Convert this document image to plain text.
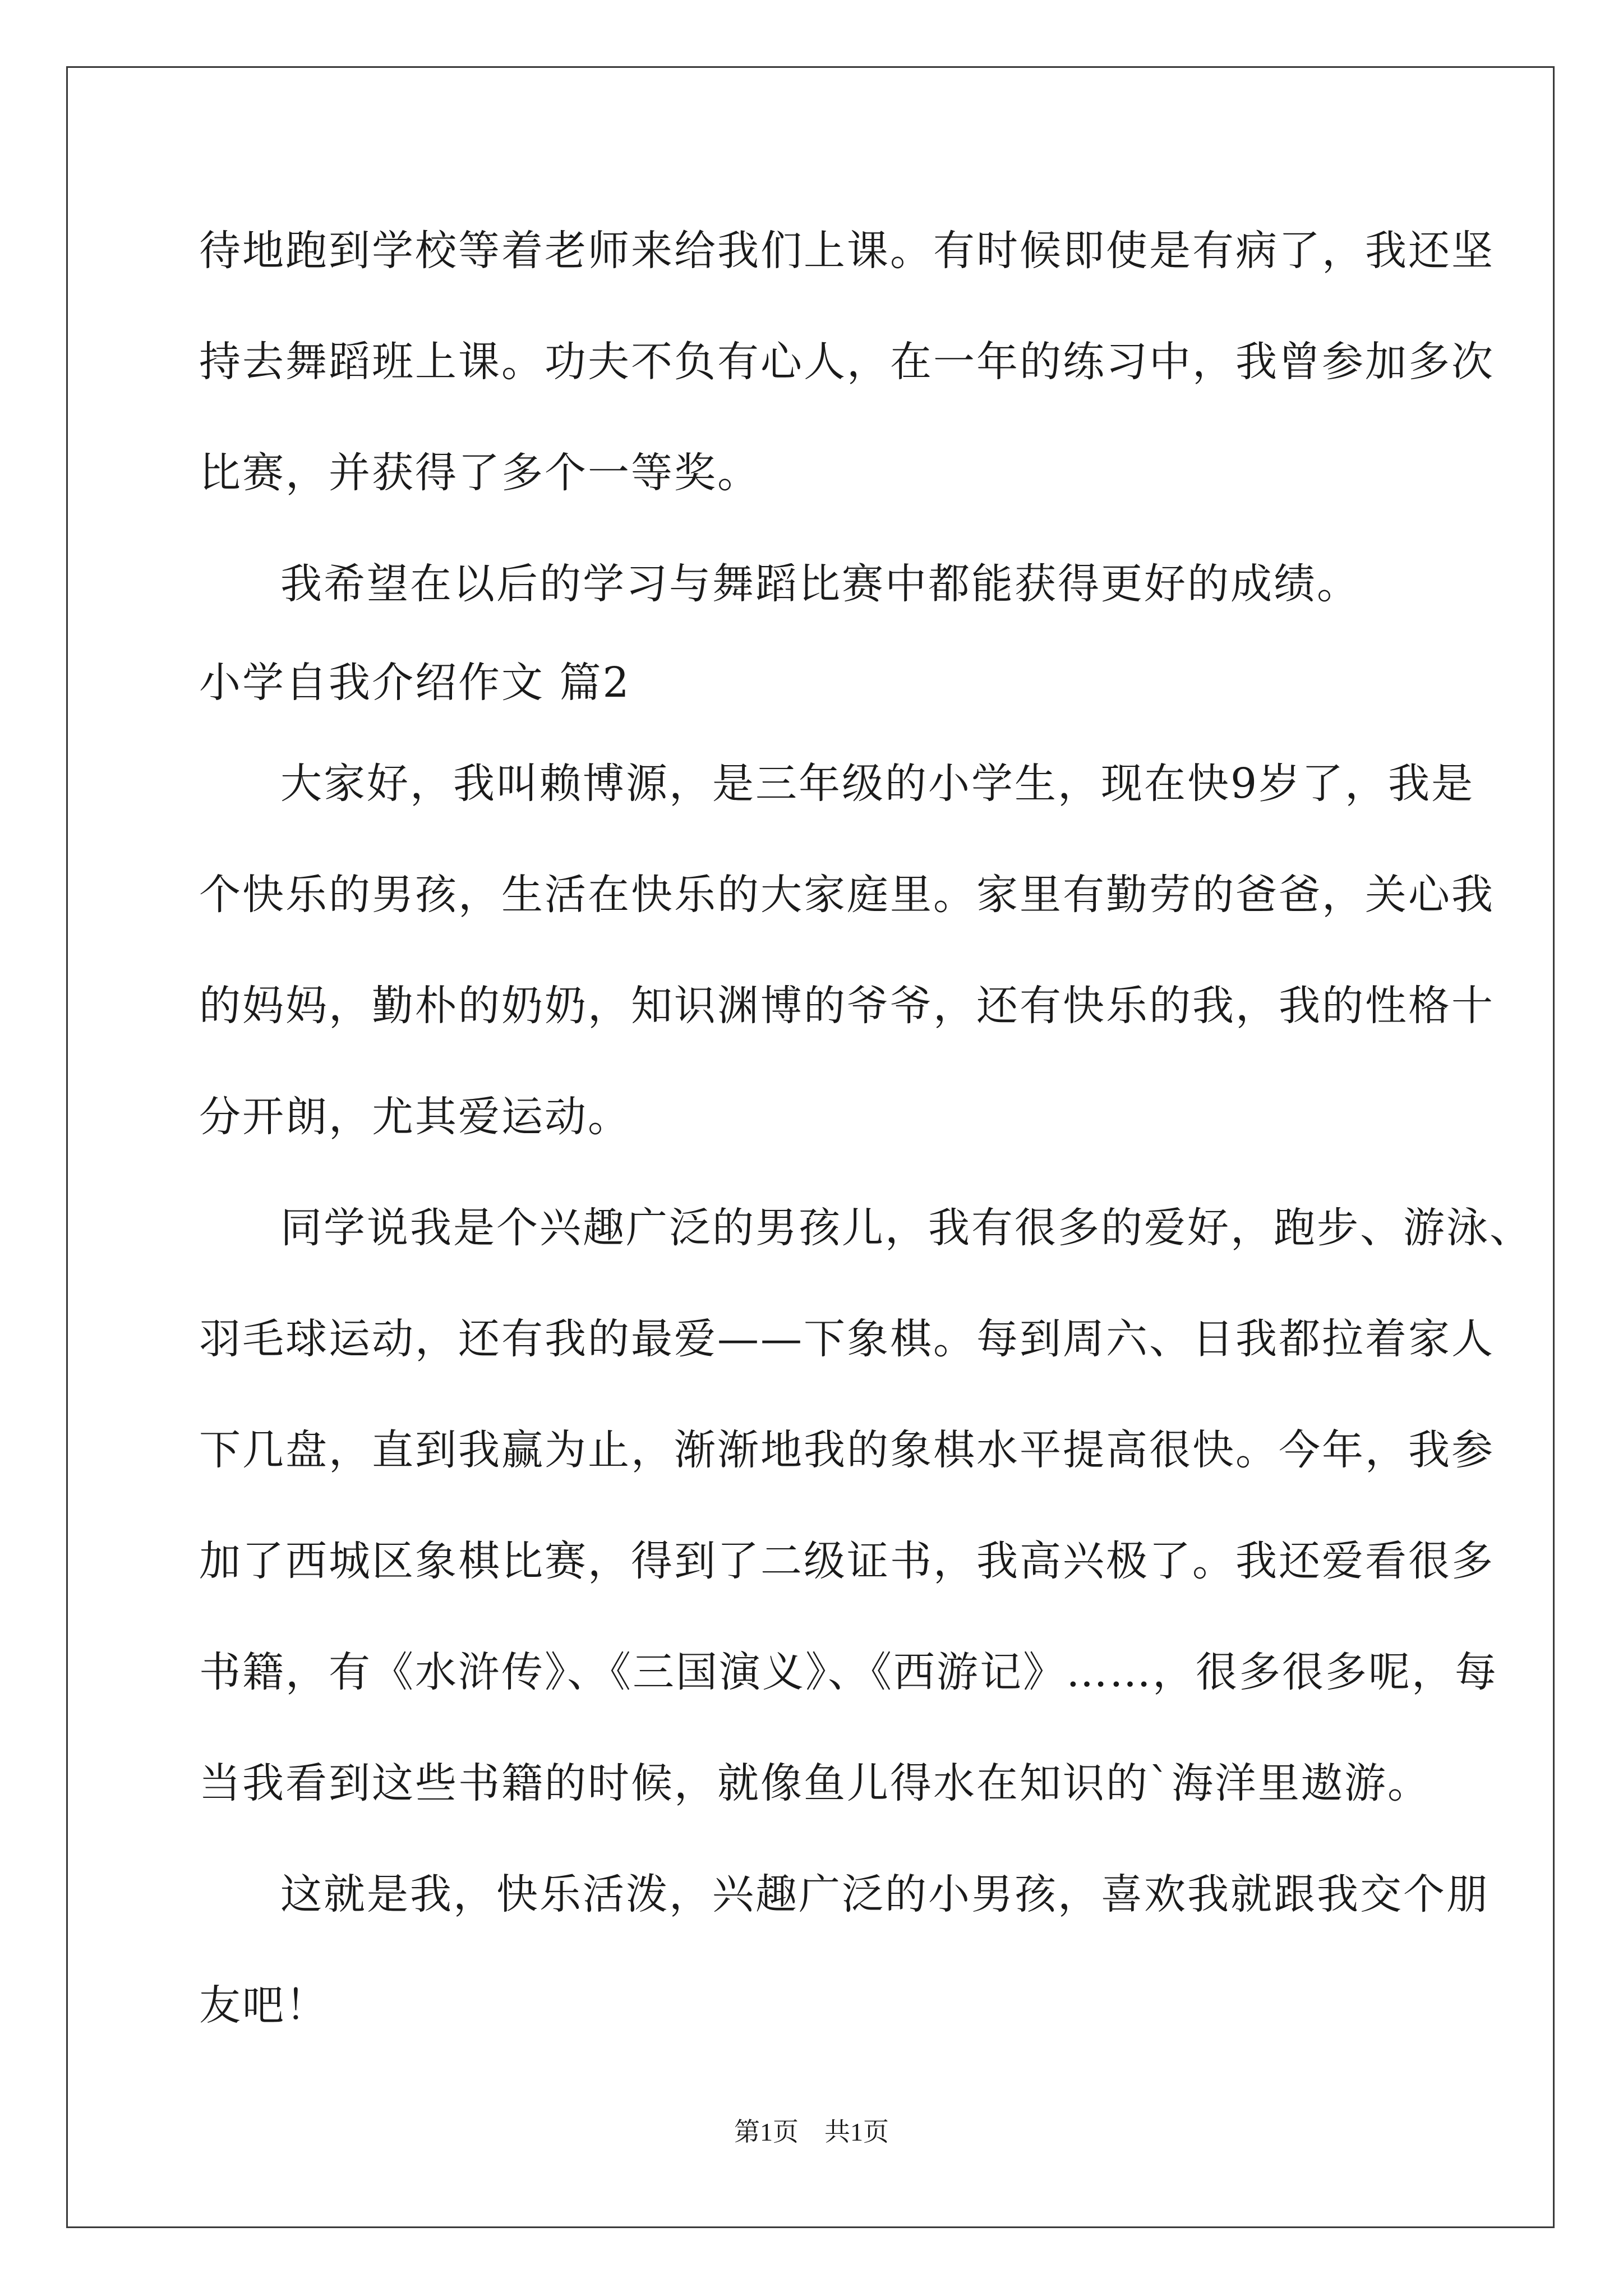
待地跑到学校等着老师来给我们上课。有时候即使是有病了，我还坚
持去舞蹈班上课。功夫不负有心人，在一年的练习中，我曾参加多次
比赛，并获得了多个一等奖。
我希望在以后的学习与舞蹈比赛中都能获得更好的成绩。
小学自我介绍作文 篇2
大家好，我叫赖博源，是三年级的小学生，现在快9岁了，我是
个快乐的男孩，生活在快乐的大家庭里。家里有勤劳的爸爸，关心我
的妈妈，勤朴的奶奶，知识渊博的爷爷，还有快乐的我，我的性格十
分开朗，尤其爱运动。
同学说我是个兴趣广泛的男孩儿，我有很多的爱好，跑步、游泳、
羽毛球运动，还有我的最爱——下象棋。每到周六、日我都拉着家人
下几盘，直到我赢为止，渐渐地我的象棋水平提高很快。今年，我参
加了西城区象棋比赛，得到了二级证书，我高兴极了。我还爱看很多
书籍，有《水浒传》、《三国演义》、《西游记》……，很多很多呢，每
当我看到这些书籍的时候，就像鱼儿得水在知识的`海洋里遨游。
这就是我，快乐活泼，兴趣广泛的小男孩，喜欢我就跟我交个朋
友吧！
第1页　共1页
